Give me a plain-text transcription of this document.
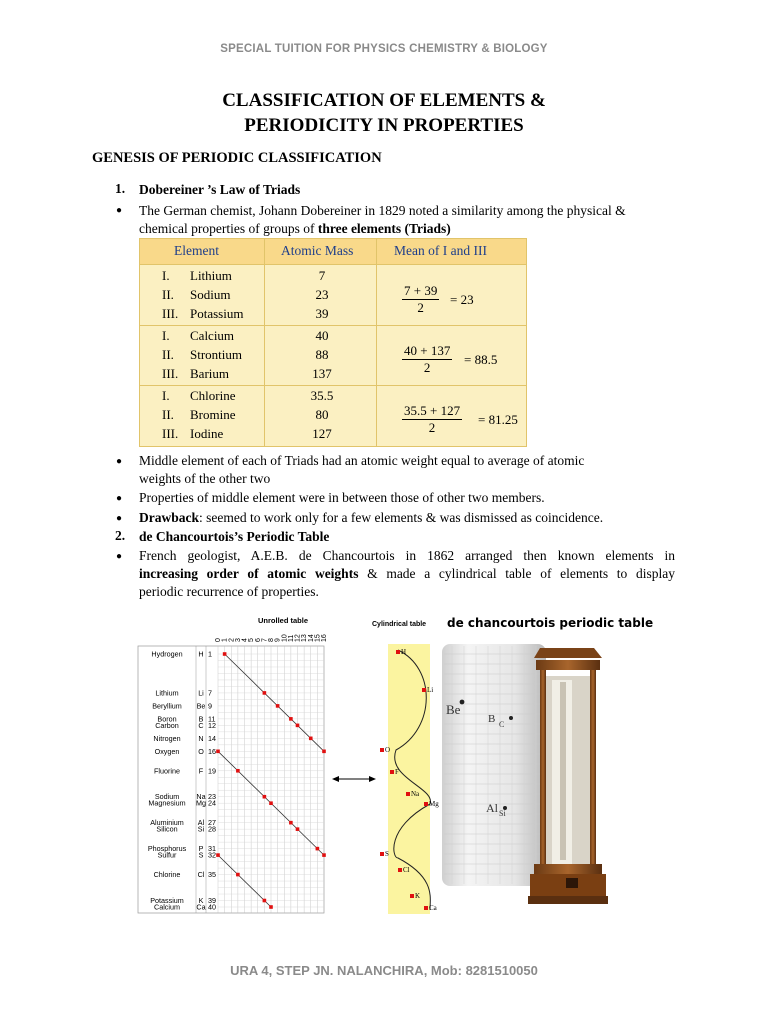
SPECIAL TUITION FOR PHYSICS CHEMISTRY & BIOLOGY
CLASSIFICATION OF ELEMENTS &
PERIODICITY IN PROPERTIES
GENESIS OF PERIODIC CLASSIFICATION
1. Dobereiner ’s Law of Triads
● The German chemist, Johann Dobereiner in 1829 noted a similarity among the physical &
chemical properties of groups of three elements (Triads)
Element	Atomic Mass	Mean of I and III
I. Lithium	7
II. Sodium	23
III. Potassium	39	$\frac{7 + 39}{2} = 23$
I. Calcium	40
II. Strontium	88
III. Barium	137	$\frac{40 + 137}{2} = 88.5$
I. Chlorine	35.5
II. Bromine	80
III. Iodine	127	$\frac{35.5 + 127}{2} = 81.25$
● Middle element of each of Triads had an atomic weight equal to average of atomic
weights of the other two
● Properties of middle element were in between those of other two members.
● Drawback: seemed to work only for a few elements & was dismissed as coincidence.
2. de Chancourtois’s Periodic Table
● French geologist, A.E.B. de Chancourtois in 1862 arranged then known elements in
increasing order of atomic weights & made a cylindrical table of elements to display
periodic recurrence of properties.
de chancourtois periodic table
Unrolled table
0 1 2 3 4 5 6 7 8 9 10 11 12 13 14 15 16
Hydrogen H 1
Lithium	Li 7
Beryllium Be 9
Boron	B 11
Carbon	C 12
Nitrogen N 14
Oxygen	O 16
Fluorine	F 19
Sodium Na 23
Magnesium Mg 24
Aluminium Al 27
Silicon	Si 28
Phosphorus P 31
Sulfur	S 32
Chlorine Cl 35
Potassium K 39
Calcium Ca 40
Cylindrical table
H
Li
O
F
Na
Mg
S
Cl
K
Ca
Be
B C
Al Si
URA 4, STEP JN. NALANCHIRA, Mob: 8281510050
